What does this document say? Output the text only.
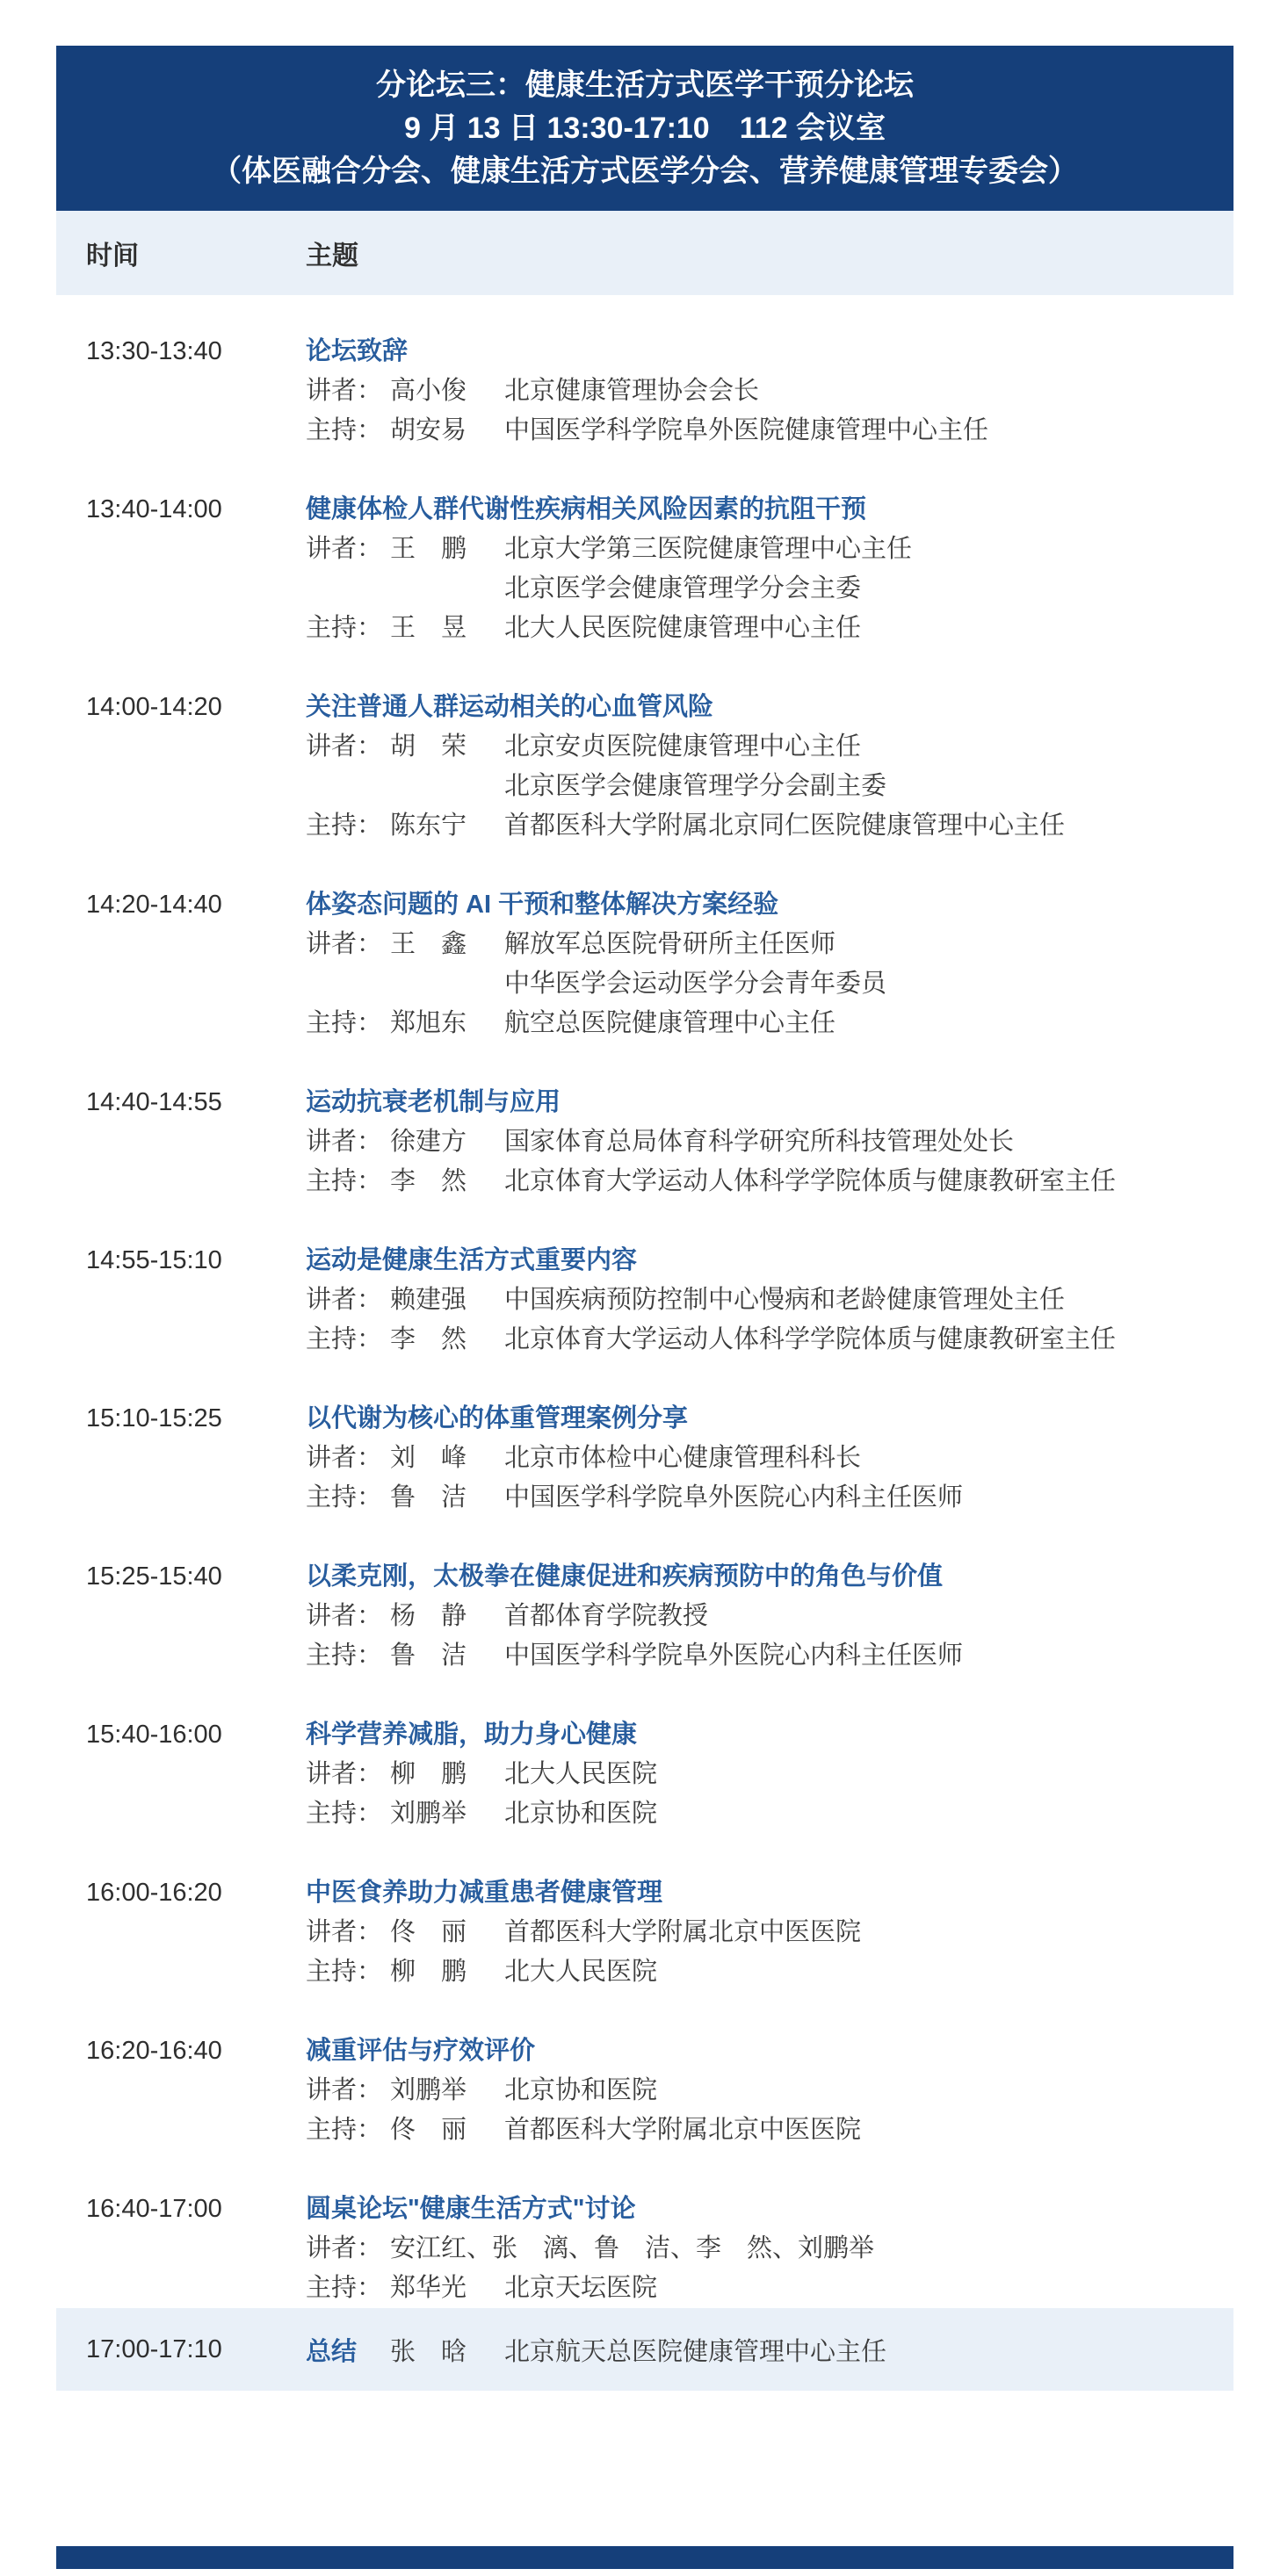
分论坛三：健康生活方式医学干预分论坛
9 月 13 日 13:30-17:10　112 会议室
（体医融合分会、健康生活方式医学分会、营养健康管理专委会）
时间	主题
13:30-13:40	论坛致辞
讲者： 高小俊	北京健康管理协会会长
主持： 胡安易	中国医学科学院阜外医院健康管理中心主任
13:40-14:00	健康体检人群代谢性疾病相关风险因素的抗阻干预
讲者： 王　鹏	北京大学第三医院健康管理中心主任
北京医学会健康管理学分会主委
主持： 王　昱	北大人民医院健康管理中心主任
14:00-14:20	关注普通人群运动相关的心血管风险
讲者： 胡　荣	北京安贞医院健康管理中心主任
北京医学会健康管理学分会副主委
主持： 陈东宁	首都医科大学附属北京同仁医院健康管理中心主任
14:20-14:40	体姿态问题的 AI 干预和整体解决方案经验
讲者： 王　鑫	解放军总医院骨研所主任医师
中华医学会运动医学分会青年委员
主持： 郑旭东	航空总医院健康管理中心主任
14:40-14:55	运动抗衰老机制与应用
讲者： 徐建方	国家体育总局体育科学研究所科技管理处处长
主持： 李　然	北京体育大学运动人体科学学院体质与健康教研室主任
14:55-15:10	运动是健康生活方式重要内容
讲者： 赖建强	中国疾病预防控制中心慢病和老龄健康管理处主任
主持： 李　然	北京体育大学运动人体科学学院体质与健康教研室主任
15:10-15:25	以代谢为核心的体重管理案例分享
讲者： 刘　峰	北京市体检中心健康管理科科长
主持： 鲁　洁	中国医学科学院阜外医院心内科主任医师
15:25-15:40	以柔克刚，太极拳在健康促进和疾病预防中的角色与价值
讲者： 杨　静	首都体育学院教授
主持： 鲁　洁	中国医学科学院阜外医院心内科主任医师
15:40-16:00	科学营养减脂，助力身心健康
讲者： 柳　鹏	北大人民医院
主持： 刘鹏举	北京协和医院
16:00-16:20	中医食养助力减重患者健康管理
讲者： 佟　丽	首都医科大学附属北京中医医院
主持： 柳　鹏	北大人民医院
16:20-16:40	减重评估与疗效评价
讲者： 刘鹏举	北京协和医院
主持： 佟　丽	首都医科大学附属北京中医医院
16:40-17:00	圆桌论坛"健康生活方式"讨论
讲者： 安江红、张　漓、鲁　洁、李　然、刘鹏举
主持： 郑华光	北京天坛医院
17:00-17:10	总结	张　晗	北京航天总医院健康管理中心主任
